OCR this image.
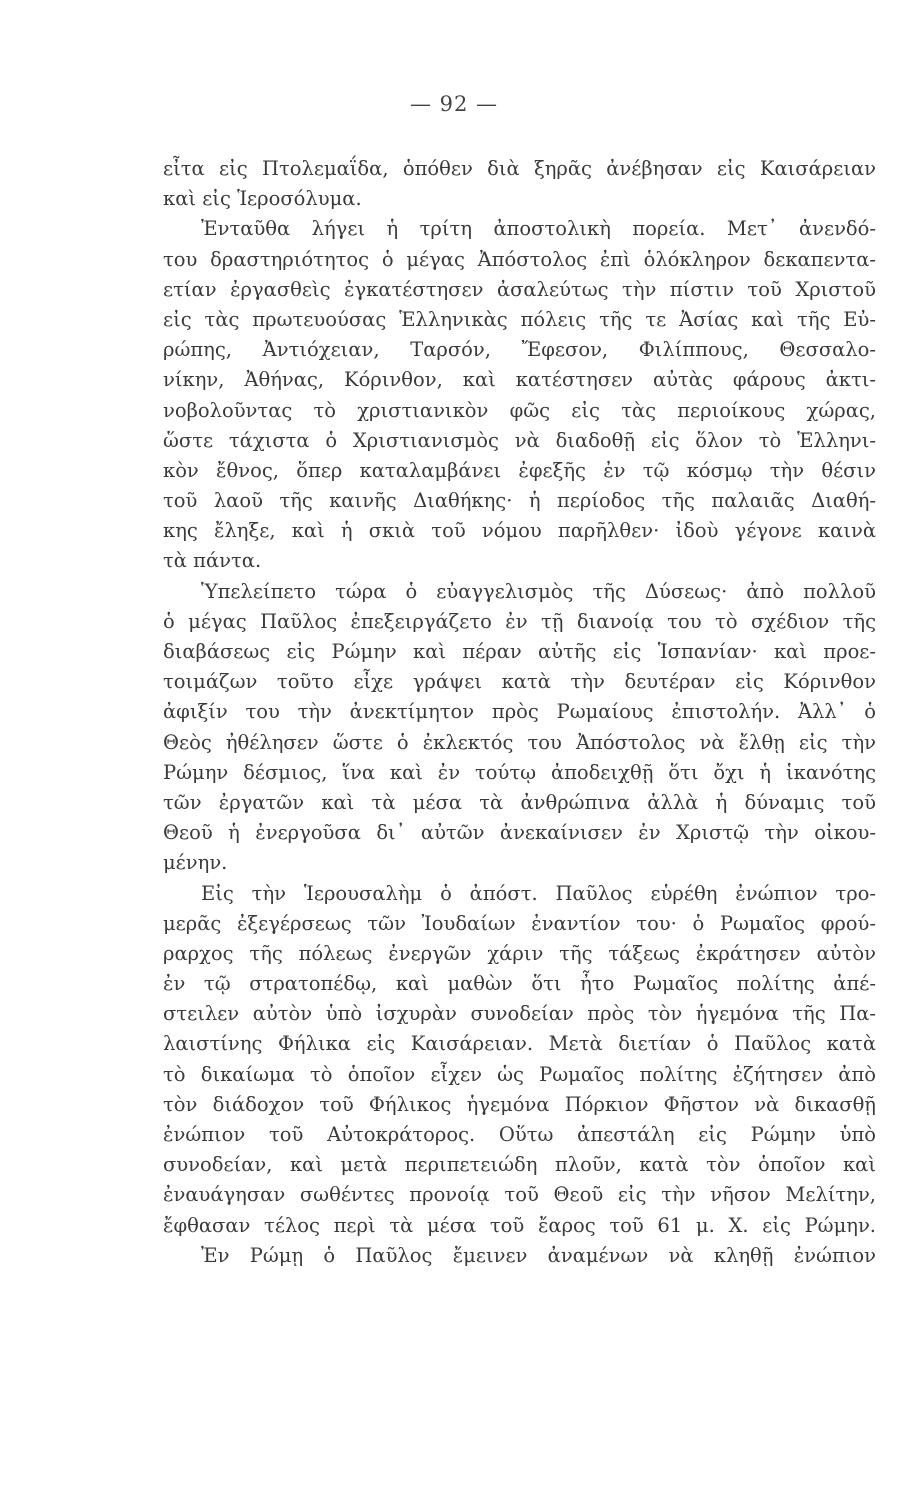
— 92 —
εἶτα εἰς Πτολεμαΐδα, ὁπόθεν διὰ ξηρᾶς ἀνέβησαν εἰς Καισάρειαν
καὶ εἰς Ἱεροσόλυμα.
Ἐνταῦθα λήγει ἡ τρίτη ἀποστολικὴ πορεία. Μετ᾽ ἀνενδό-
του δραστηριότητος ὁ μέγας Ἀπόστολος ἐπὶ ὁλόκληρον δεκαπεντα-
ετίαν ἐργασθεὶς ἐγκατέστησεν ἀσαλεύτως τὴν πίστιν τοῦ Χριστοῦ
εἰς τὰς πρωτευούσας Ἑλληνικὰς πόλεις τῆς τε Ἀσίας καὶ τῆς Εὐ-
ρώπης, Ἀντιόχειαν, Ταρσόν, Ἔφεσον, Φιλίππους, Θεσσαλο-
νίκην, Ἀθήνας, Κόρινθον, καὶ κατέστησεν αὐτὰς φάρους ἀκτι-
νοβολοῦντας τὸ χριστιανικὸν φῶς εἰς τὰς περιοίκους χώρας,
ὥστε τάχιστα ὁ Χριστιανισμὸς νὰ διαδοθῇ εἰς ὅλον τὸ Ἑλληνι-
κὸν ἔθνος, ὅπερ καταλαμβάνει ἐφεξῆς ἐν τῷ κόσμῳ τὴν θέσιν
τοῦ λαοῦ τῆς καινῆς Διαθήκης· ἡ περίοδος τῆς παλαιᾶς Διαθή-
κης ἔληξε, καὶ ἡ σκιὰ τοῦ νόμου παρῆλθεν· ἰδοὺ γέγονε καινὰ
τὰ πάντα.
Ὑπελείπετο τώρα ὁ εὐαγγελισμὸς τῆς Δύσεως· ἀπὸ πολλοῦ
ὁ μέγας Παῦλος ἐπεξειργάζετο ἐν τῇ διανοίᾳ του τὸ σχέδιον τῆς
διαβάσεως εἰς Ρώμην καὶ πέραν αὐτῆς εἰς Ἱσπανίαν· καὶ προε-
τοιμάζων τοῦτο εἶχε γράψει κατὰ τὴν δευτέραν εἰς Κόρινθον
ἀφιξίν του τὴν ἀνεκτίμητον πρὸς Ρωμαίους ἐπιστολήν. Ἀλλ᾽ ὁ
Θεὸς ἠθέλησεν ὥστε ὁ ἐκλεκτός του Ἀπόστολος νὰ ἔλθῃ εἰς τὴν
Ρώμην δέσμιος, ἵνα καὶ ἐν τούτῳ ἀποδειχθῇ ὅτι ὄχι ἡ ἱκανότης
τῶν ἐργατῶν καὶ τὰ μέσα τὰ ἀνθρώπινα ἀλλὰ ἡ δύναμις τοῦ
Θεοῦ ἡ ἐνεργοῦσα δι᾽ αὐτῶν ἀνεκαίνισεν ἐν Χριστῷ τὴν οἰκου-
μένην.
Εἰς τὴν Ἱερουσαλὴμ ὁ ἀπόστ. Παῦλος εὑρέθη ἐνώπιον τρο-
μερᾶς ἐξεγέρσεως τῶν Ἰουδαίων ἐναντίον του· ὁ Ρωμαῖος φρού-
ραρχος τῆς πόλεως ἐνεργῶν χάριν τῆς τάξεως ἐκράτησεν αὐτὸν
ἐν τῷ στρατοπέδῳ, καὶ μαθὼν ὅτι ἦτο Ρωμαῖος πολίτης ἀπέ-
στειλεν αὐτὸν ὑπὸ ἰσχυρὰν συνοδείαν πρὸς τὸν ἡγεμόνα τῆς Πα-
λαιστίνης Φήλικα εἰς Καισάρειαν. Μετὰ διετίαν ὁ Παῦλος κατὰ
τὸ δικαίωμα τὸ ὁποῖον εἶχεν ὡς Ρωμαῖος πολίτης ἐζήτησεν ἀπὸ
τὸν διάδοχον τοῦ Φήλικος ἡγεμόνα Πόρκιον Φῆστον νὰ δικασθῇ
ἐνώπιον τοῦ Αὐτοκράτορος. Οὕτω ἀπεστάλη εἰς Ρώμην ὑπὸ
συνοδείαν, καὶ μετὰ περιπετειώδη πλοῦν, κατὰ τὸν ὁποῖον καὶ
ἐναυάγησαν σωθέντες προνοίᾳ τοῦ Θεοῦ εἰς τὴν νῆσον Μελίτην,
ἔφθασαν τέλος περὶ τὰ μέσα τοῦ ἔαρος τοῦ 61 μ. Χ. εἰς Ρώμην.
Ἐν Ρώμῃ ὁ Παῦλος ἔμεινεν ἀναμένων νὰ κληθῇ ἐνώπιον
